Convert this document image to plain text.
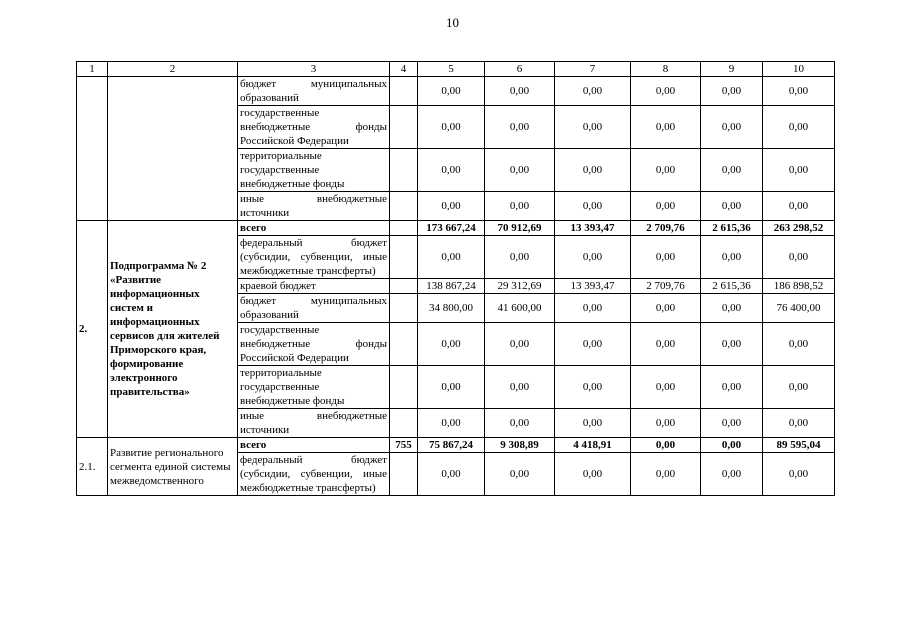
10
1	2	3	4	5	6	7	8	9	10
		бюджет муниципальных образований		0,00	0,00	0,00	0,00	0,00	0,00
		государственные внебюджетные фонды Российской Федерации		0,00	0,00	0,00	0,00	0,00	0,00
		территориальные государственные внебюджетные фонды		0,00	0,00	0,00	0,00	0,00	0,00
		иные внебюджетные источники		0,00	0,00	0,00	0,00	0,00	0,00
2.	Подпрограмма № 2 «Развитие информационных систем и информационных сервисов для жителей Приморского края, формирование электронного правительства»	всего		173 667,24	70 912,69	13 393,47	2 709,76	2 615,36	263 298,52
		федеральный бюджет (субсидии, субвенции, иные межбюджетные трансферты)		0,00	0,00	0,00	0,00	0,00	0,00
		краевой бюджет		138 867,24	29 312,69	13 393,47	2 709,76	2 615,36	186 898,52
		бюджет муниципальных образований		34 800,00	41 600,00	0,00	0,00	0,00	76 400,00
		государственные внебюджетные фонды Российской Федерации		0,00	0,00	0,00	0,00	0,00	0,00
		территориальные государственные внебюджетные фонды		0,00	0,00	0,00	0,00	0,00	0,00
		иные внебюджетные источники		0,00	0,00	0,00	0,00	0,00	0,00
2.1.	Развитие регионального сегмента единой системы межведомственного	всего	755	75 867,24	9 308,89	4 418,91	0,00	0,00	89 595,04
		федеральный бюджет (субсидии, субвенции, иные межбюджетные трансферты)		0,00	0,00	0,00	0,00	0,00	0,00
